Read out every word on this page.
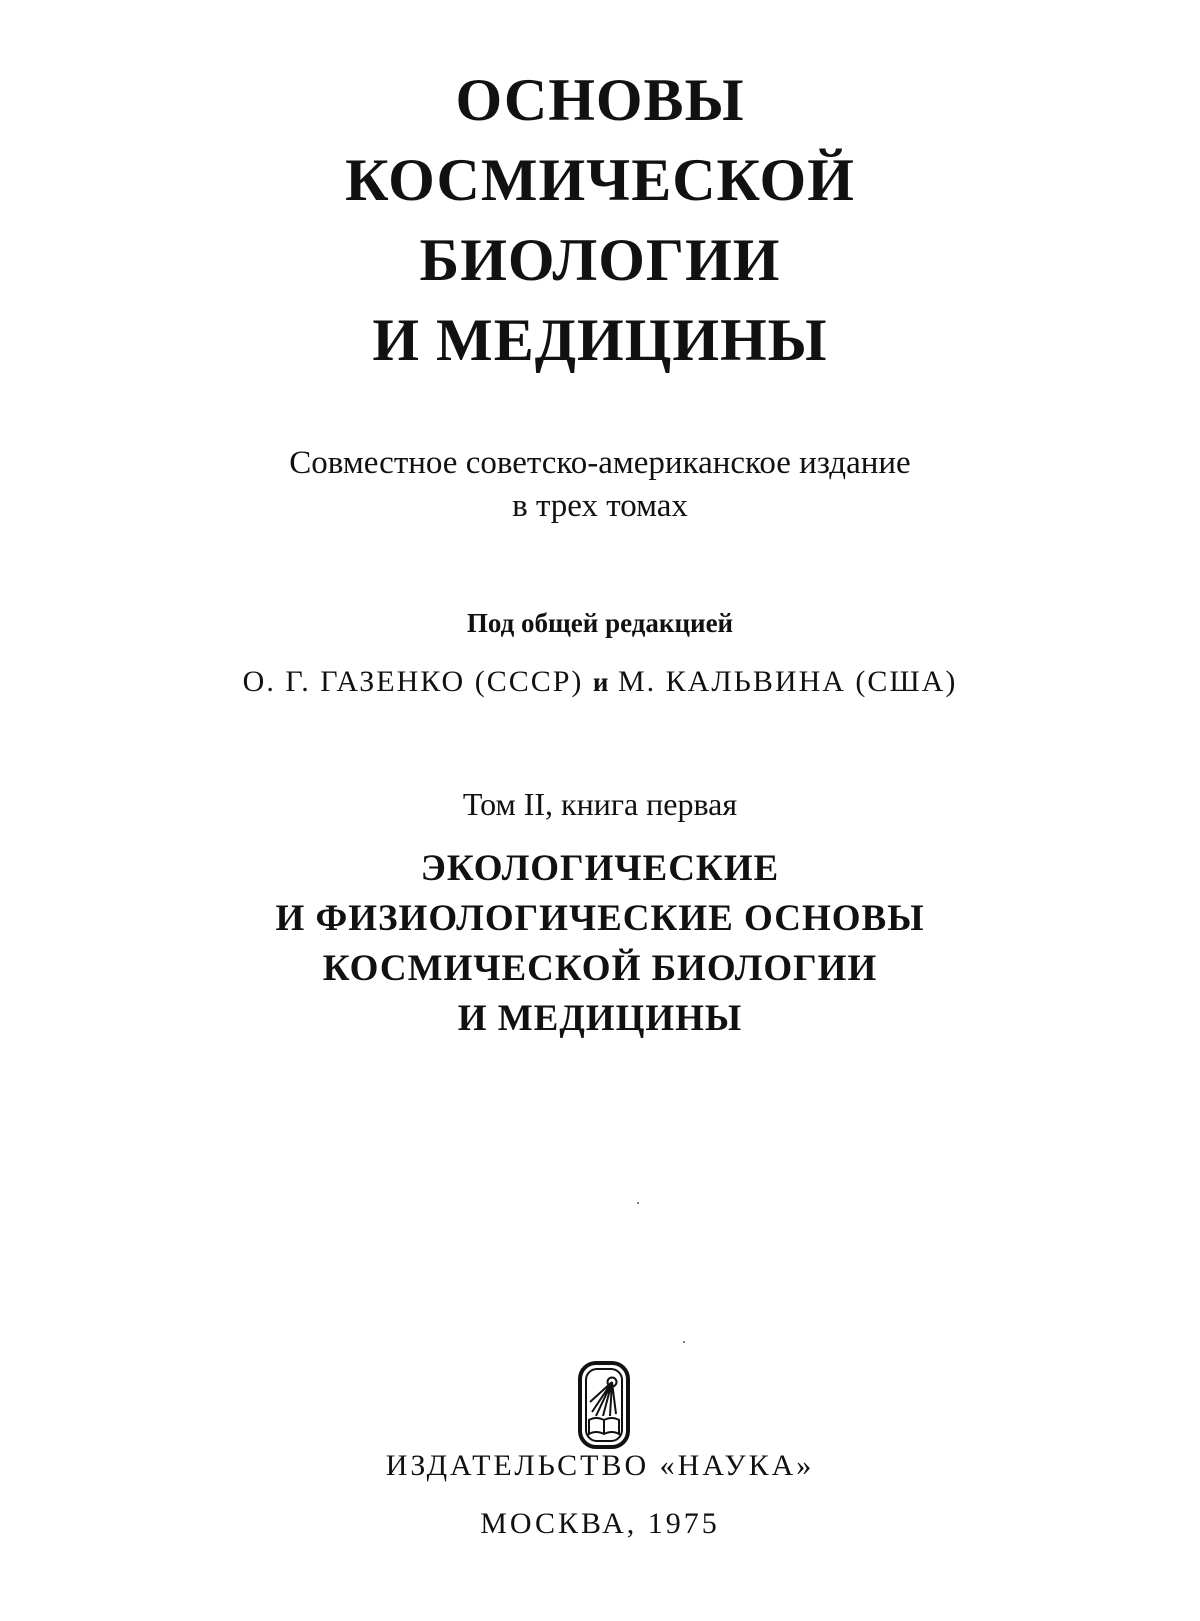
ОСНОВЫ
КОСМИЧЕСКОЙ
БИОЛОГИИ
И МЕДИЦИНЫ

Совместное советско-американское издание

в трех томах

Под общей редакцией

О. Г. ГАЗЕНКО (СССР) и М. КАЛЬВИНА (США)

Том II, книга первая

ЭКОЛОГИЧЕСКИЕ
И ФИЗИОЛОГИЧЕСКИЕ ОСНОВЫ
КОСМИЧЕСКОЙ БИОЛОГИИ
И МЕДИЦИНЫ

ИЗДАТЕЛЬСТВО «НАУКА»

МОСКВА, 1975
